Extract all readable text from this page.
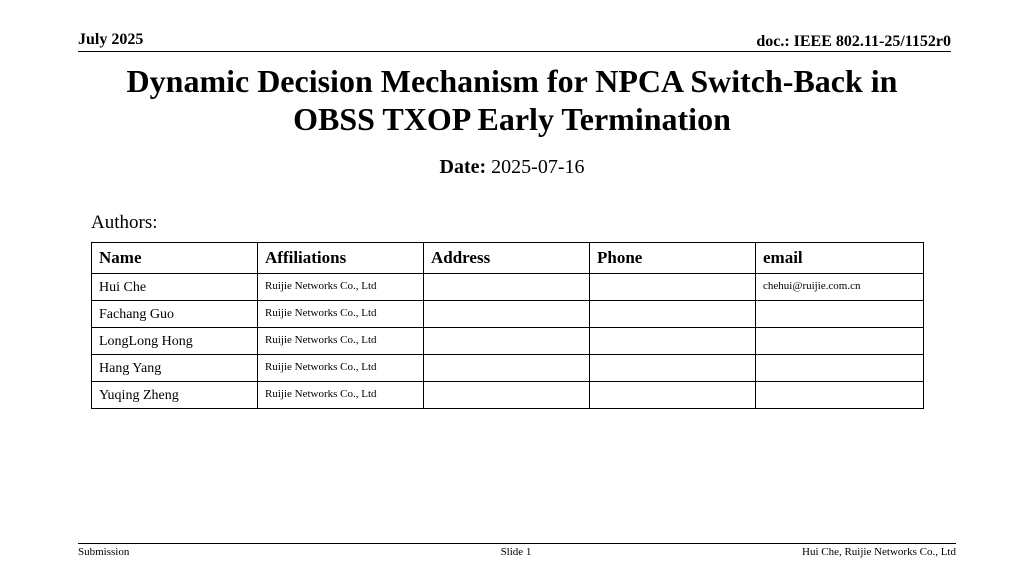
July 2025	doc.: IEEE 802.11-25/1152r0
Dynamic Decision Mechanism for NPCA Switch-Back in
OBSS TXOP Early Termination
Date: 2025-07-16
Authors:
Name	Affiliations	Address	Phone	email
Hui Che	Ruijie Networks Co., Ltd			chehui@ruijie.com.cn
Fachang Guo	Ruijie Networks Co., Ltd			
LongLong Hong	Ruijie Networks Co., Ltd			
Hang Yang	Ruijie Networks Co., Ltd			
Yuqing Zheng	Ruijie Networks Co., Ltd			
Submission	Slide 1	Hui Che, Ruijie Networks Co., Ltd
